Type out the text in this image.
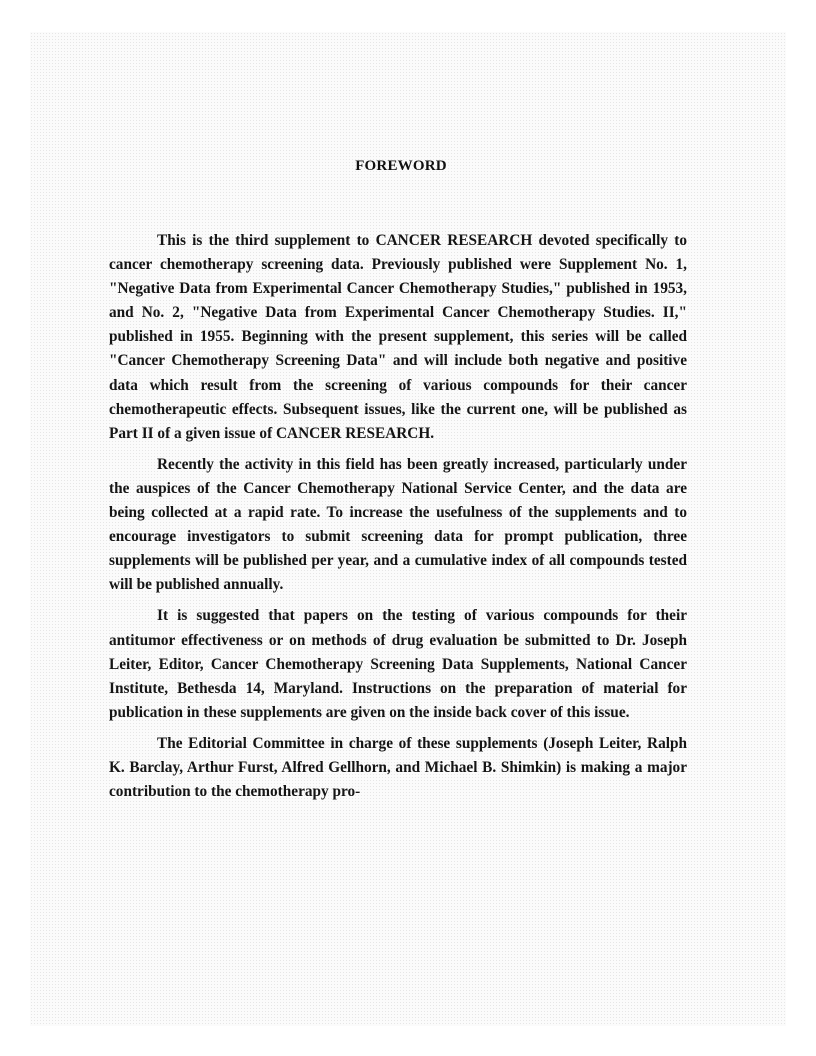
FOREWORD

This is the third supplement to CANCER RESEARCH devoted specifically to cancer chemotherapy screening data. Previously published were Supplement No. 1, "Negative Data from Experimental Cancer Chemotherapy Studies," published in 1953, and No. 2, "Negative Data from Experimental Cancer Chemotherapy Studies. II," published in 1955. Beginning with the present supplement, this series will be called "Cancer Chemotherapy Screening Data" and will include both negative and positive data which result from the screening of various compounds for their cancer chemotherapeutic effects. Subsequent issues, like the current one, will be published as Part II of a given issue of CANCER RESEARCH.

Recently the activity in this field has been greatly increased, particularly under the auspices of the Cancer Chemotherapy National Service Center, and the data are being collected at a rapid rate. To increase the usefulness of the supplements and to encourage investigators to submit screening data for prompt publication, three supplements will be published per year, and a cumulative index of all compounds tested will be published annually.

It is suggested that papers on the testing of various compounds for their antitumor effectiveness or on methods of drug evaluation be submitted to Dr. Joseph Leiter, Editor, Cancer Chemotherapy Screening Data Supplements, National Cancer Institute, Bethesda 14, Maryland. Instructions on the preparation of material for publication in these supplements are given on the inside back cover of this issue.

The Editorial Committee in charge of these supplements (Joseph Leiter, Ralph K. Barclay, Arthur Furst, Alfred Gellhorn, and Michael B. Shimkin) is making a major contribution to the chemotherapy pro-
